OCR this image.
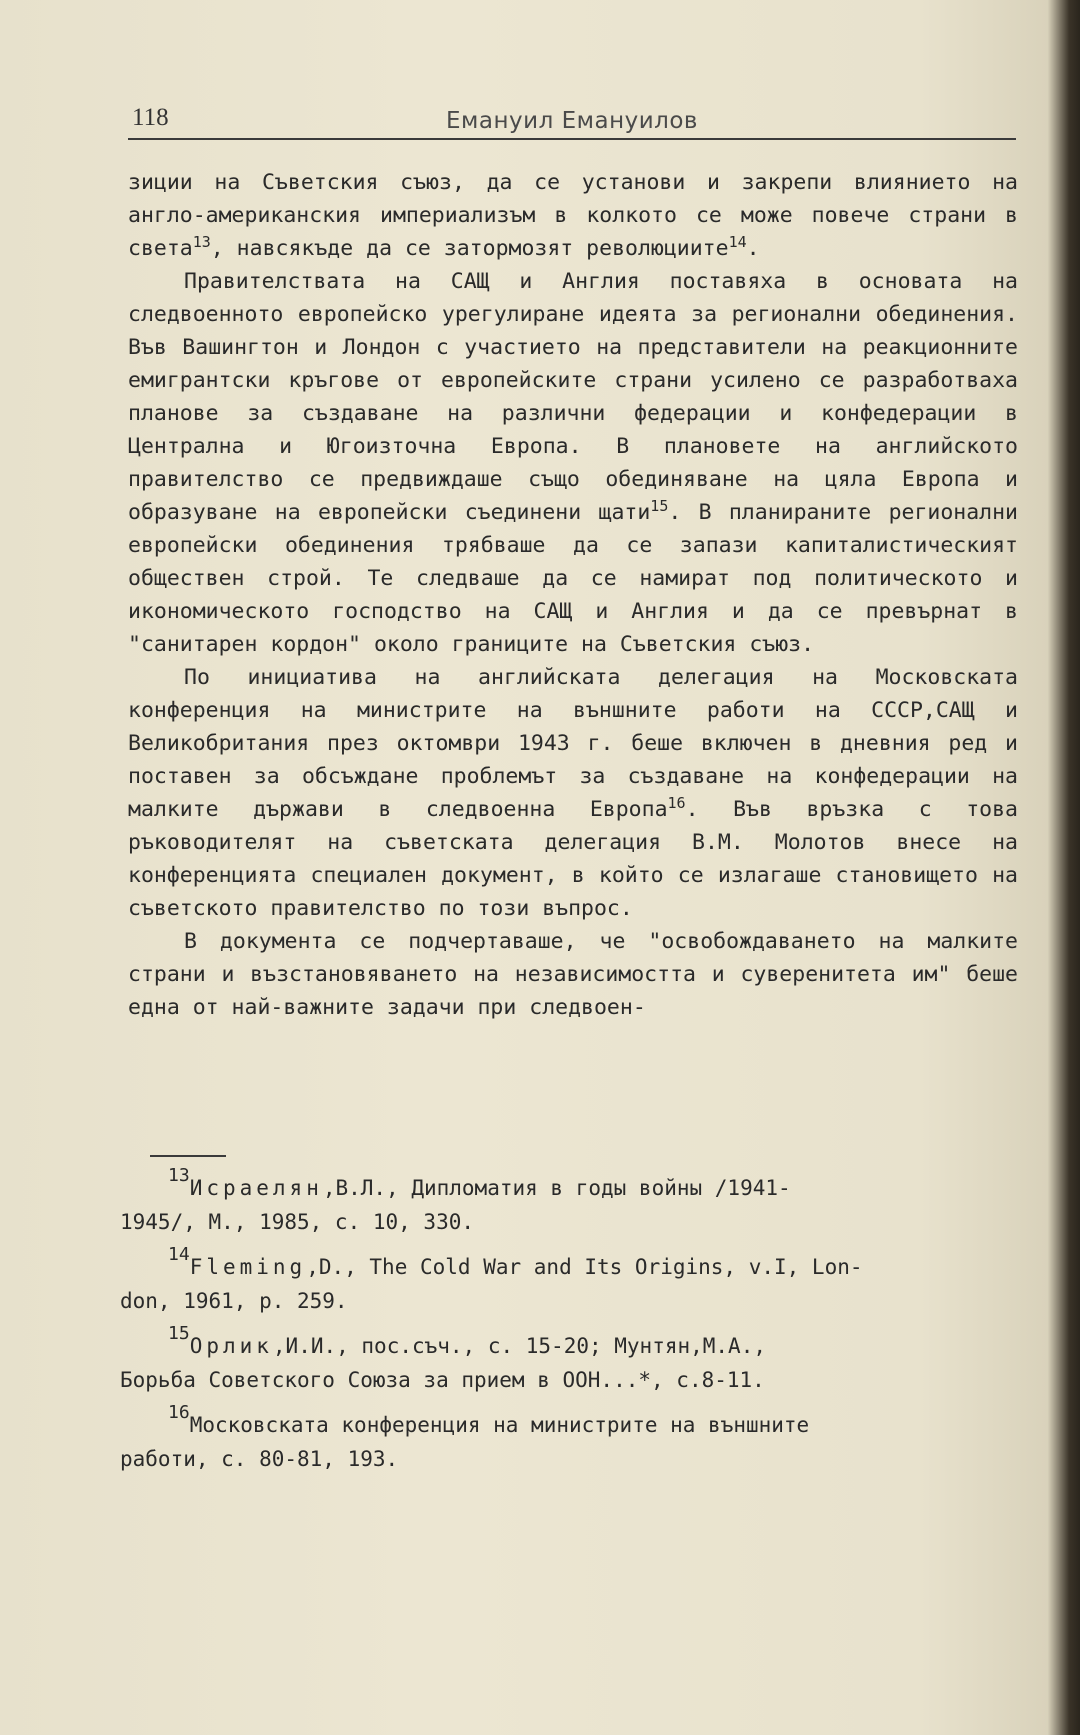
118	Емануил Емануилов

зиции на Съветския съюз, да се установи и закрепи влиянието на англо-американския империализъм в колкото се може повече страни в света$^{13}$, навсякъде да се затормозят революциите$^{14}$.

Правителствата на САЩ и Англия поставяха в основата на следвоенното европейско урегулиране идеята за регионални обединения. Във Вашингтон и Лондон с участието на представители на реакционните емигрантски кръгове от европейските страни усилено се разработваха планове за създаване на различни федерации и конфедерации в Централна и Югоизточна Европа. В плановете на английското правителство се предвиждаше също обединяване на цяла Европа и образуване на европейски съединени щати$^{15}$. В планираните регионални европейски обединения трябваше да се запази капиталистическият обществен строй. Те следваше да се намират под политическото и икономическото господство на САЩ и Англия и да се превърнат в "санитарен кордон" около границите на Съветския съюз.

По инициатива на английската делегация на Московската конференция на министрите на външните работи на СССР,САЩ и Великобритания през октомври 1943 г. беше включен в дневния ред и поставен за обсъждане проблемът за създаване на конфедерации на малките държави в следвоенна Европа$^{16}$. Във връзка с това ръководителят на съветската делегация В.М. Молотов внесе на конференцията специален документ, в който се излагаше становището на съветското правителство по този въпрос.

В документа се подчертаваше, че "освобождаването на малките страни и възстановяването на независимостта и суверенитета им" беше една от най-важните задачи при следвоен-

13Исраелян,В.Л., Дипломатия в годы войны /1941-
1945/, М., 1985, с. 10, 330.
14Fleming,D., The Cold War and Its Origins, v.I, Lon-
don, 1961, p. 259.
15Орлик,И.И., пос.съч., с. 15-20; Мунтян,М.А.,
Борьба Советского Союза за прием в ООН...*, с.8-11.
16Московската конференция на министрите на външните
работи, с. 80-81, 193.
